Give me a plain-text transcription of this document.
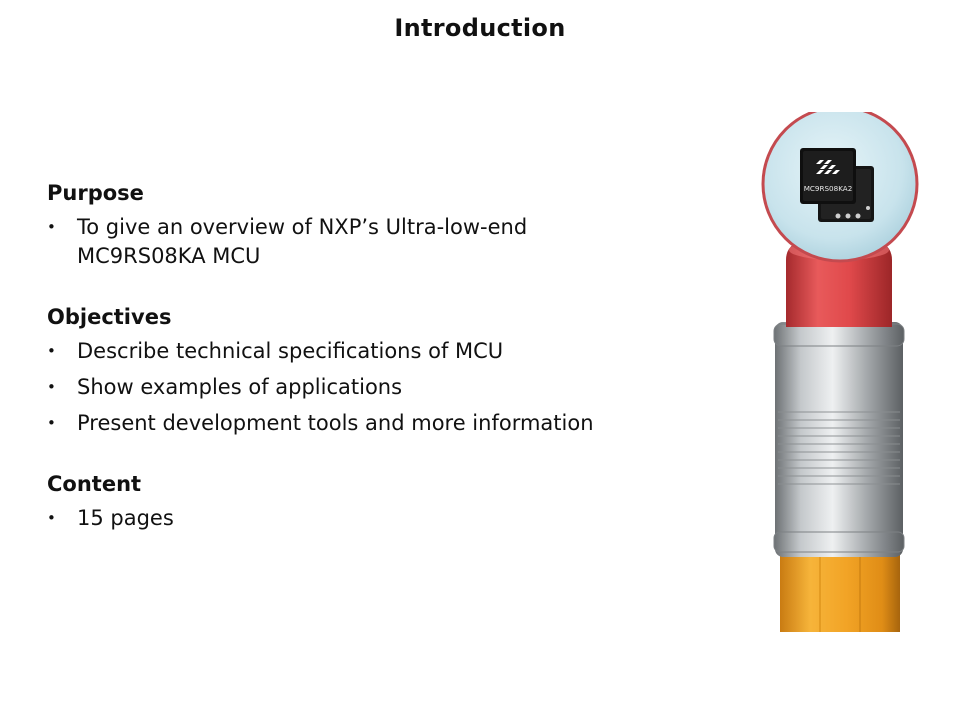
Introduction
Purpose
• To give an overview of NXP’s Ultra-low-end MC9RS08KA MCU
Objectives
• Describe technical specifications of MCU
• Show examples of applications
• Present development tools and more information
Content
• 15 pages
MC9RS08KA2
